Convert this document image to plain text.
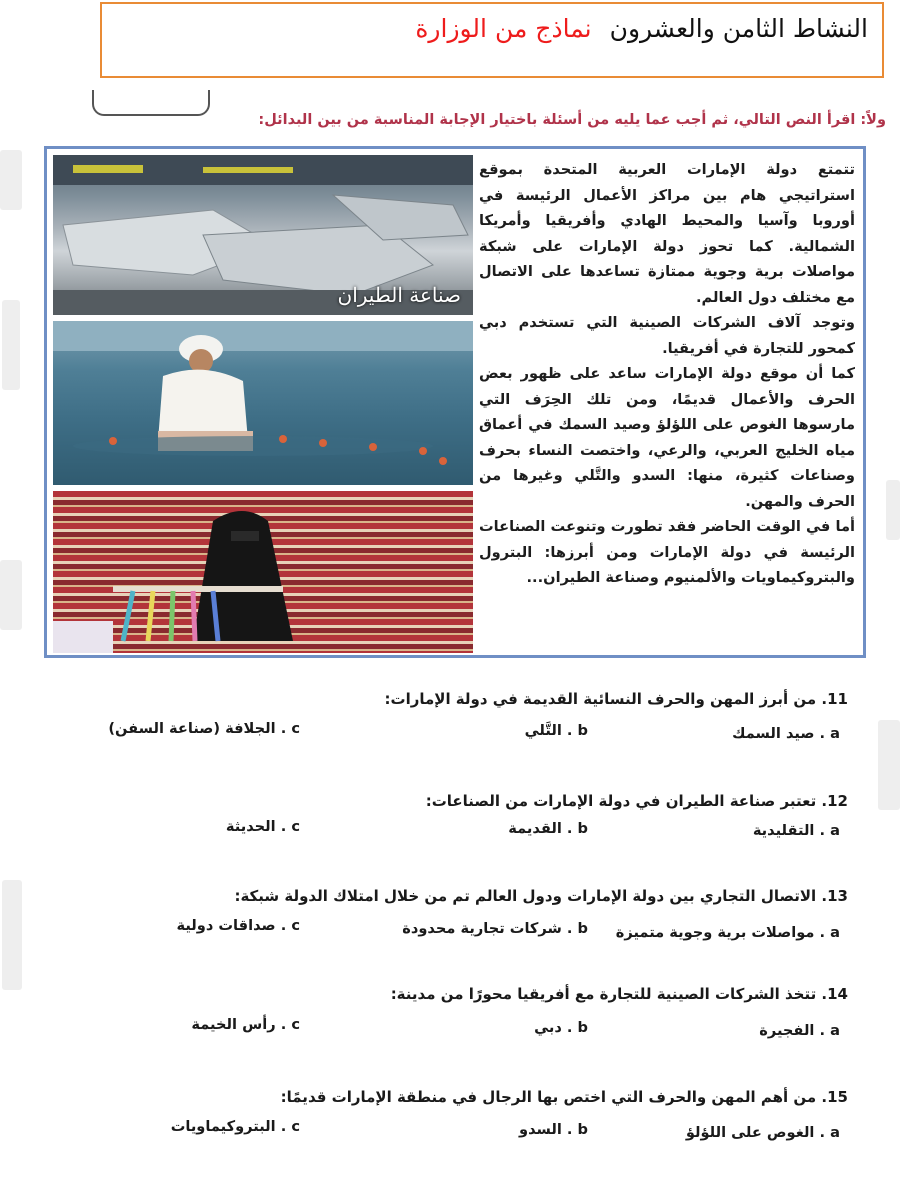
النشاط الثامن والعشرون نماذج من الوزارة
ولاً: اقرأ النص التالي، ثم أجب عما يليه من أسئلة باختيار الإجابة المناسبة من بين البدائل:
صناعة الطيران

تتمتع دولة الإمارات العربية المتحدة بموقع استراتيجي هام بين مراكز الأعمال الرئيسة في أوروبا وآسيا والمحيط الهادي وأفريقيا وأمريكا الشمالية. كما تحوز دولة الإمارات على شبكة مواصلات برية وجوية ممتازة تساعدها على الاتصال مع مختلف دول العالم.

وتوجد آلاف الشركات الصينية التي تستخدم دبي كمحور للتجارة في أفريقيا.

كما أن موقع دولة الإمارات ساعد على ظهور بعض الحرف والأعمال قديمًا، ومن تلك الحِرَف التي مارسوها الغوص على اللؤلؤ وصيد السمك في أعماق مياه الخليج العربي، والرعي، واختصت النساء بحرف وصناعات كثيرة، منها: السدو والتَّلي وغيرها من الحرف والمهن.

أما في الوقت الحاضر فقد تطورت وتنوعت الصناعات الرئيسة في دولة الإمارات ومن أبرزها: البترول والبتروكيماويات والألمنيوم وصناعة الطيران...

11. من أبرز المهن والحرف النسائية القديمة في دولة الإمارات:
a . صيد السمك
b . التَّلي
c . الجلافة (صناعة السفن)
12. تعتبر صناعة الطيران في دولة الإمارات من الصناعات:
a . التقليدية
b . القديمة
c . الحديثة
13. الاتصال التجاري بين دولة الإمارات ودول العالم تم من خلال امتلاك الدولة شبكة:
a . مواصلات برية وجوية متميزة
b . شركات تجارية محدودة
c . صداقات دولية
14. تتخذ الشركات الصينية للتجارة مع أفريقيا محورًا من مدينة:
a . الفجيرة
b . دبي
c . رأس الخيمة
15. من أهم المهن والحرف التي اختص بها الرجال في منطقة الإمارات قديمًا:
a . الغوص على اللؤلؤ
b . السدو
c . البتروكيماويات
